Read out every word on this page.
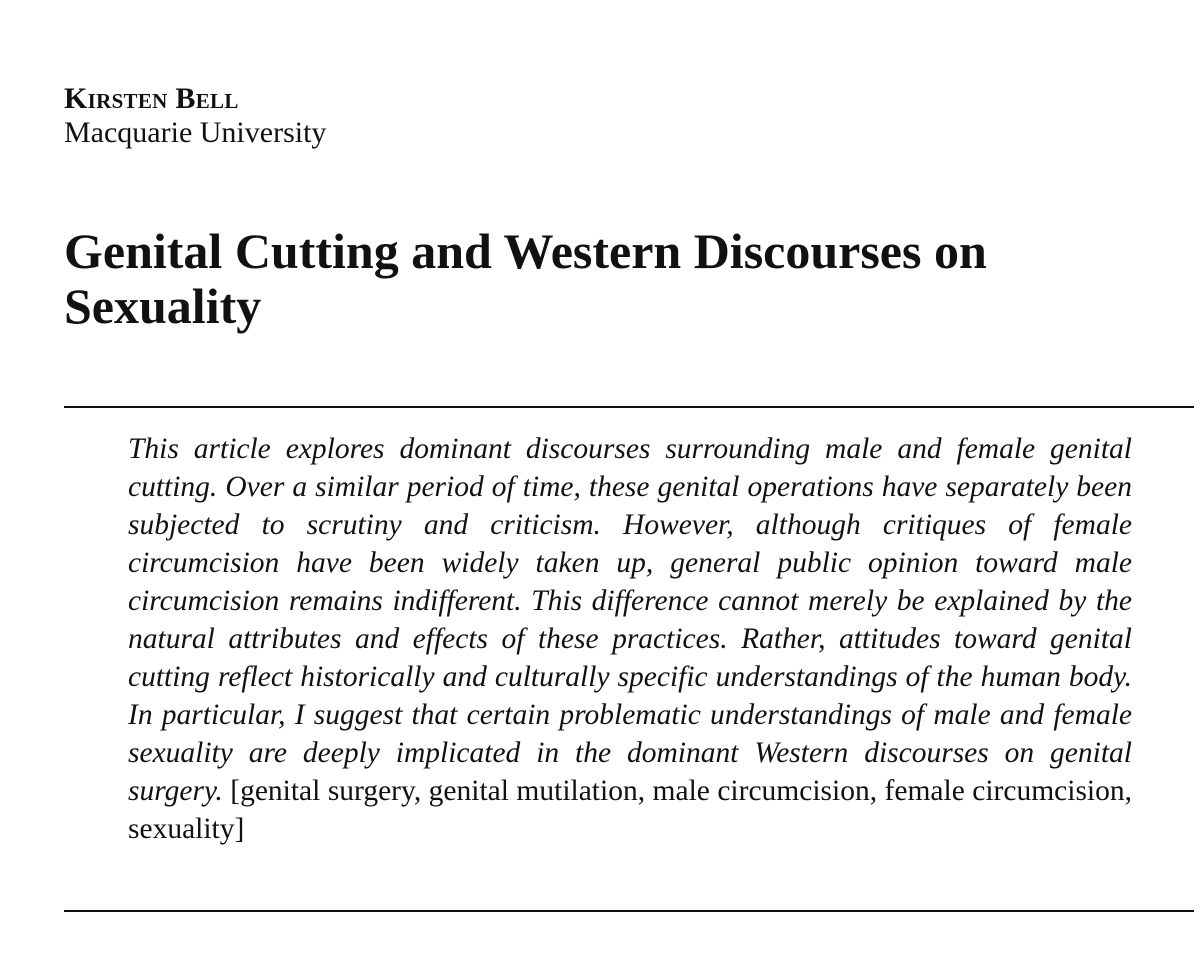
Kirsten Bell

Macquarie University

Genital Cutting and Western Discourses on Sexuality

This article explores dominant discourses surrounding male and female genital cutting. Over a similar period of time, these genital operations have separately been subjected to scrutiny and criticism. However, although critiques of female circumcision have been widely taken up, general public opinion toward male circumcision remains indifferent. This difference cannot merely be explained by the natural attributes and effects of these practices. Rather, attitudes toward genital cutting reflect historically and culturally specific understandings of the human body. In particular, I suggest that certain problematic understandings of male and female sexuality are deeply implicated in the dominant Western discourses on genital surgery. [genital surgery, genital mutilation, male circumcision, female circumcision, sexuality]
